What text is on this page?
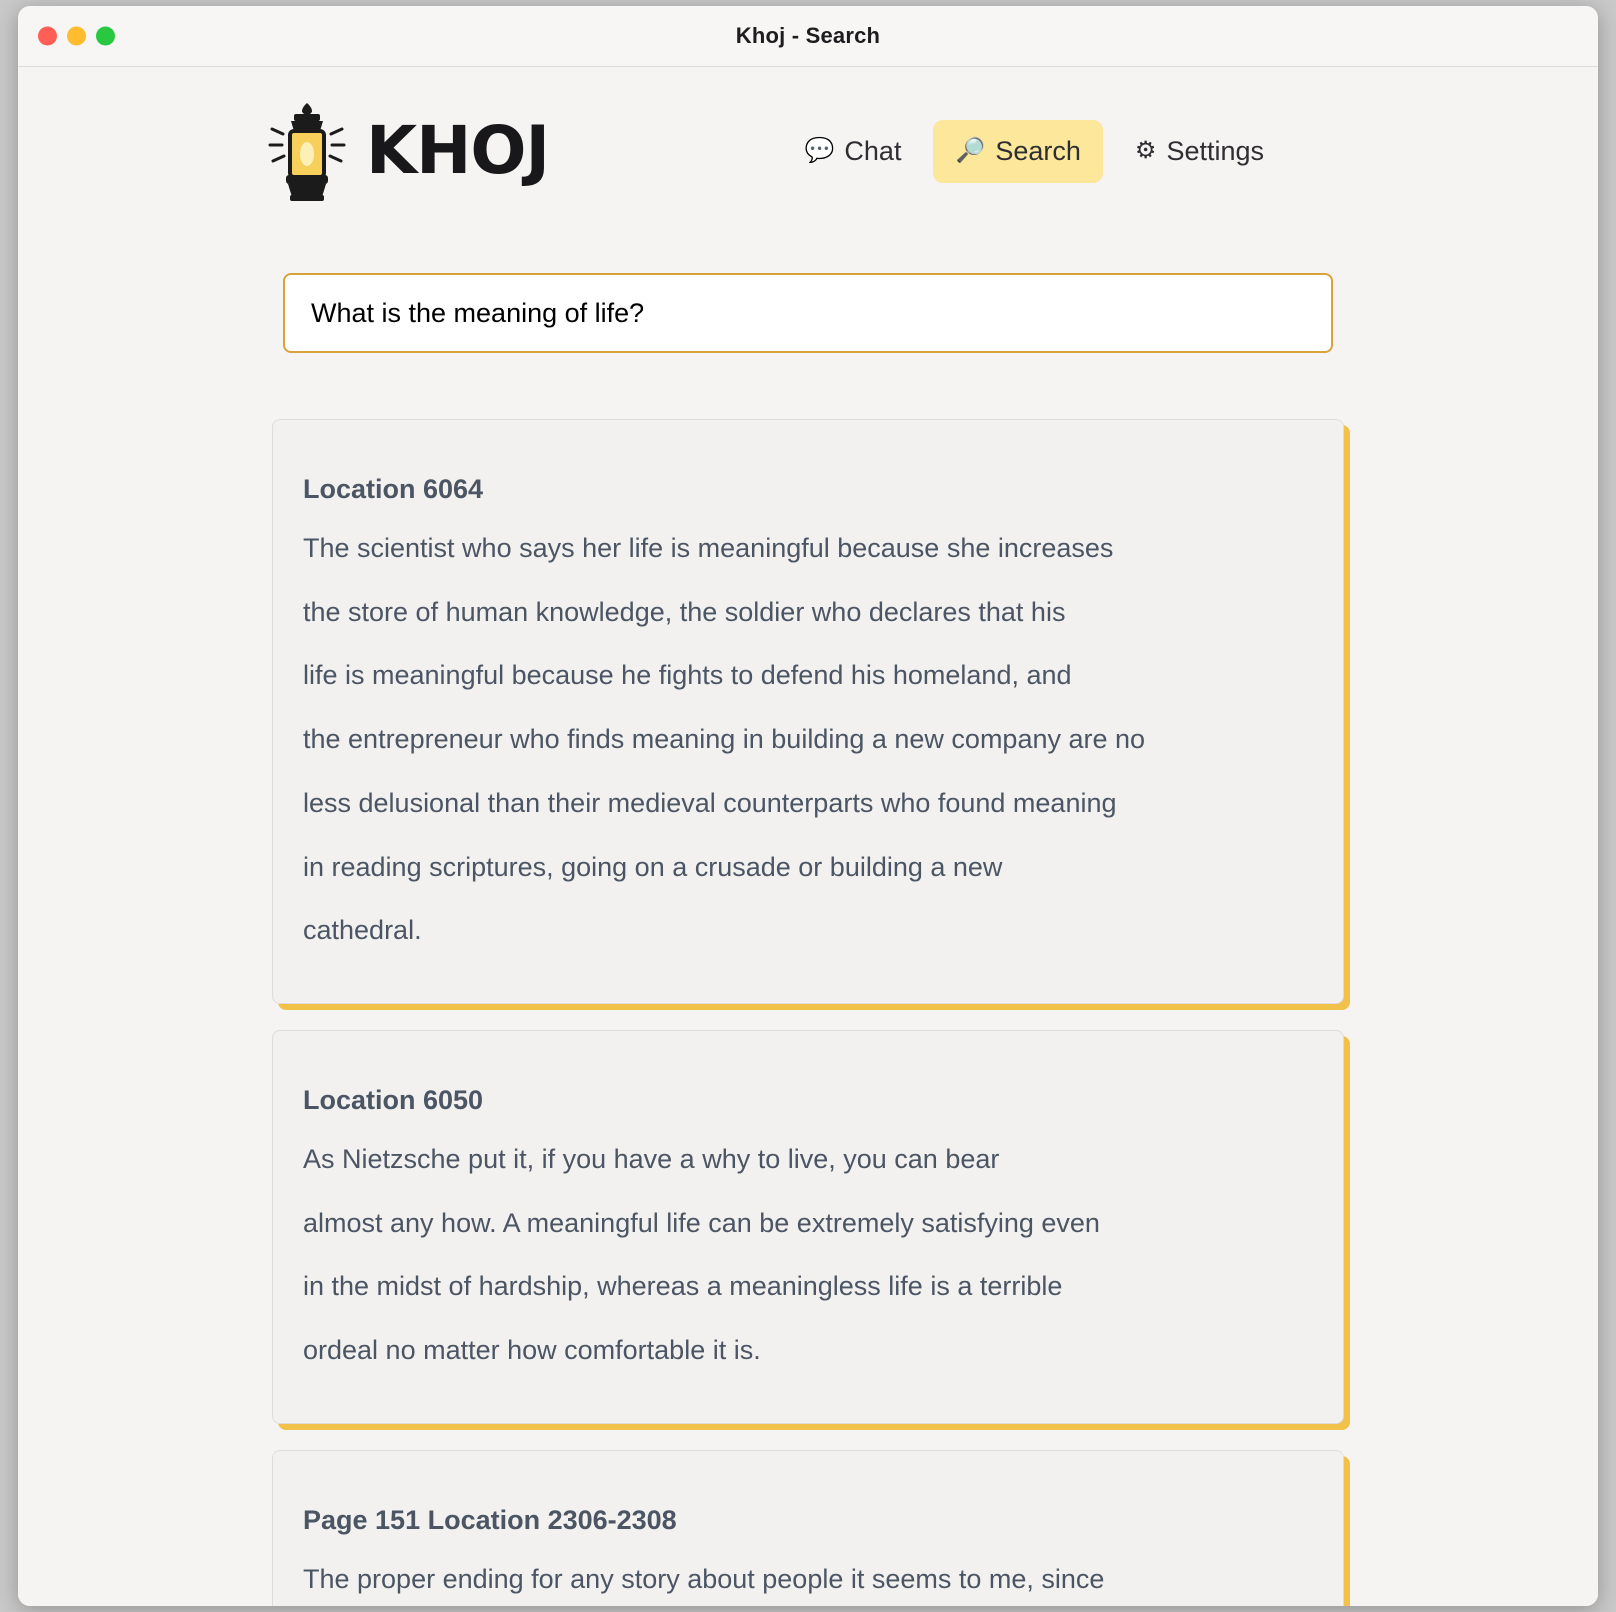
Khoj - Search
KHOJ	💬 Chat 🔎 Search ⚙ Settings
What is the meaning of life?
Location 6064
The scientist who says her life is meaningful because she increases
the store of human knowledge, the soldier who declares that his
life is meaningful because he fights to defend his homeland, and
the entrepreneur who finds meaning in building a new company are no
less delusional than their medieval counterparts who found meaning
in reading scriptures, going on a crusade or building a new
cathedral.
Location 6050
As Nietzsche put it, if you have a why to live, you can bear
almost any how. A meaningful life can be extremely satisfying even
in the midst of hardship, whereas a meaningless life is a terrible
ordeal no matter how comfortable it is.
Page 151 Location 2306-2308
The proper ending for any story about people it seems to me, since
